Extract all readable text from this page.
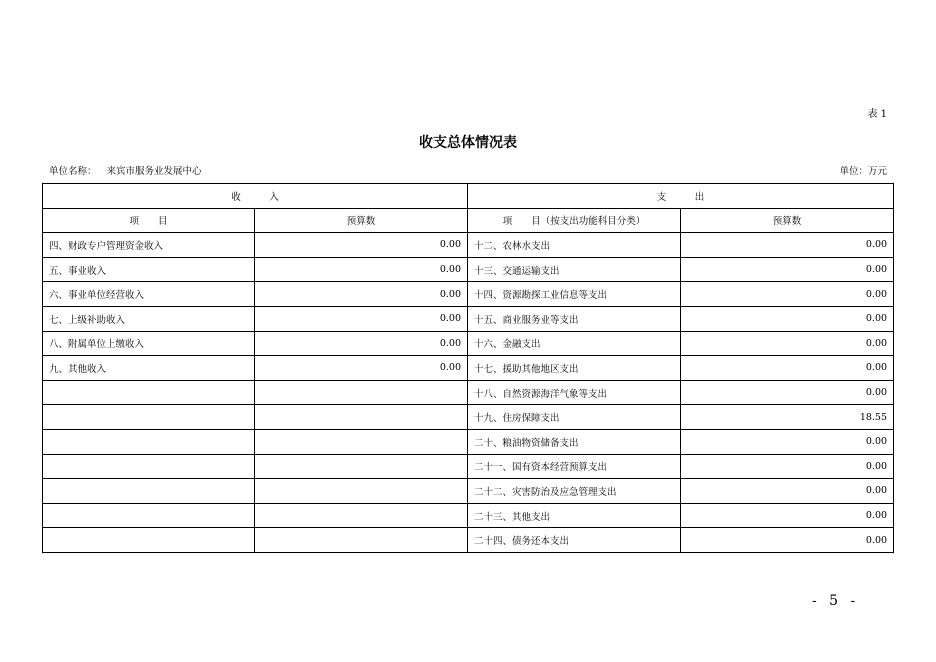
表 1
收支总体情况表
单位名称： 来宾市服务业发展中心	单位：万元
收　　　入		支　　　出	
项　　目	预算数	项　　目（按支出功能科目分类）	预算数
四、财政专户管理资金收入	0.00	十二、农林水支出	0.00
五、事业收入	0.00	十三、交通运输支出	0.00
六、事业单位经营收入	0.00	十四、资源勘探工业信息等支出	0.00
七、上级补助收入	0.00	十五、商业服务业等支出	0.00
八、附属单位上缴收入	0.00	十六、金融支出	0.00
九、其他收入	0.00	十七、援助其他地区支出	0.00
		十八、自然资源海洋气象等支出	0.00
		十九、住房保障支出	18.55
		二十、粮油物资储备支出	0.00
		二十一、国有资本经营预算支出	0.00
		二十二、灾害防治及应急管理支出	0.00
		二十三、其他支出	0.00
		二十四、债务还本支出	0.00
- 5 -
